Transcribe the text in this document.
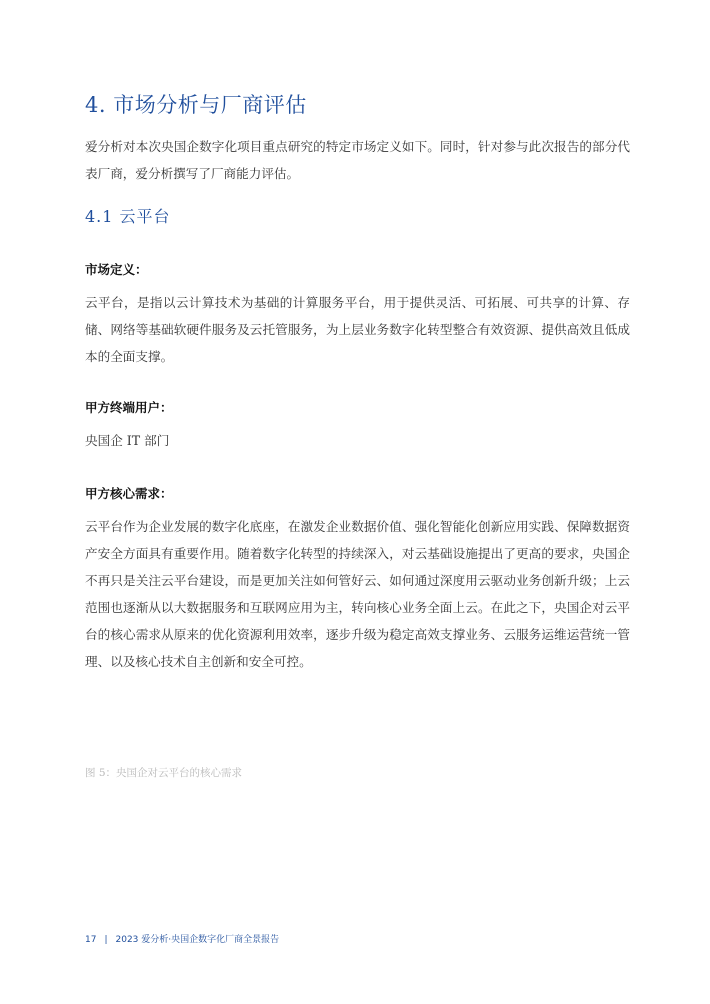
4. 市场分析与厂商评估

爱分析对本次央国企数字化项目重点研究的特定市场定义如下。同时，针对参与此次报告的部分代表厂商，爱分析撰写了厂商能力评估。

4.1 云平台

市场定义：

云平台，是指以云计算技术为基础的计算服务平台，用于提供灵活、可拓展、可共享的计算、存储、网络等基础软硬件服务及云托管服务，为上层业务数字化转型整合有效资源、提供高效且低成本的全面支撑。

甲方终端用户：

央国企 IT 部门

甲方核心需求：

云平台作为企业发展的数字化底座，在激发企业数据价值、强化智能化创新应用实践、保障数据资产安全方面具有重要作用。随着数字化转型的持续深入，对云基础设施提出了更高的要求，央国企不再只是关注云平台建设，而是更加关注如何管好云、如何通过深度用云驱动业务创新升级；上云范围也逐渐从以大数据服务和互联网应用为主，转向核心业务全面上云。在此之下，央国企对云平台的核心需求从原来的优化资源利用效率，逐步升级为稳定高效支撑业务、云服务运维运营统一管理、以及核心技术自主创新和安全可控。

图 5：央国企对云平台的核心需求

17 | 2023 爱分析·央国企数字化厂商全景报告
